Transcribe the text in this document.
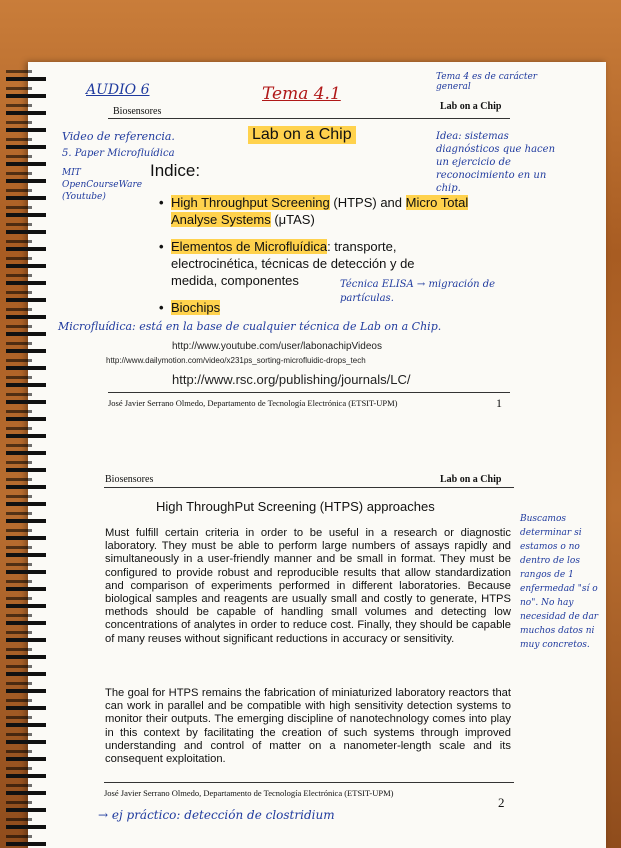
AUDIO 6
Biosensores
Tema 4.1
Tema 4 es de carácter general
Lab on a Chip
Lab on a Chip
Video de referencia.
5. Paper Microfluídica
MIT OpenCourseWare (Youtube)
Indice:
Idea: sistemas diagnósticos que hacen un ejercicio de reconocimiento en un chip.
• High Throughput Screening (HTPS) and Micro Total Analyse Systems (μTAS)
• Elementos de Microfluídica: transporte, electrocinética, técnicas de detección y de medida, componentes
• Biochips
Técnica ELISA → migración de partículas.
Microfluídica: está en la base de cualquier técnica de Lab on a Chip.
http://www.youtube.com/user/labonachipVideos
http://www.dailymotion.com/video/x231ps_sorting-microfluidic-drops_tech
http://www.rsc.org/publishing/journals/LC/
José Javier Serrano Olmedo, Departamento de Tecnología Electrónica (ETSIT-UPM)	1
Biosensores	Lab on a Chip
High ThroughPut Screening (HTPS) approaches
Must fulfill certain criteria in order to be useful in a research or diagnostic laboratory. They must be able to perform large numbers of assays rapidly and simultaneously in a user-friendly manner and be small in format. They must be configured to provide robust and reproducible results that allow standardization and comparison of experiments performed in different laboratories. Because biological samples and reagents are usually small and costly to generate, HTPS methods should be capable of handling small volumes and detecting low concentrations of analytes in order to reduce cost. Finally, they should be capable of many reuses without significant reductions in accuracy or sensitivity.
The goal for HTPS remains the fabrication of miniaturized laboratory reactors that can work in parallel and be compatible with high sensitivity detection systems to monitor their outputs. The emerging discipline of nanotechnology comes into play in this context by facilitating the creation of such systems through improved understanding and control of matter on a nanometer-length scale and its consequent exploitation.
Buscamos determinar si estamos o no dentro de los rangos de 1 enfermedad "sí o no". No hay necesidad de dar muchos datos ni muy concretos.
José Javier Serrano Olmedo, Departamento de Tecnología Electrónica (ETSIT-UPM)
2
→ ej práctico: detección de clostridium
